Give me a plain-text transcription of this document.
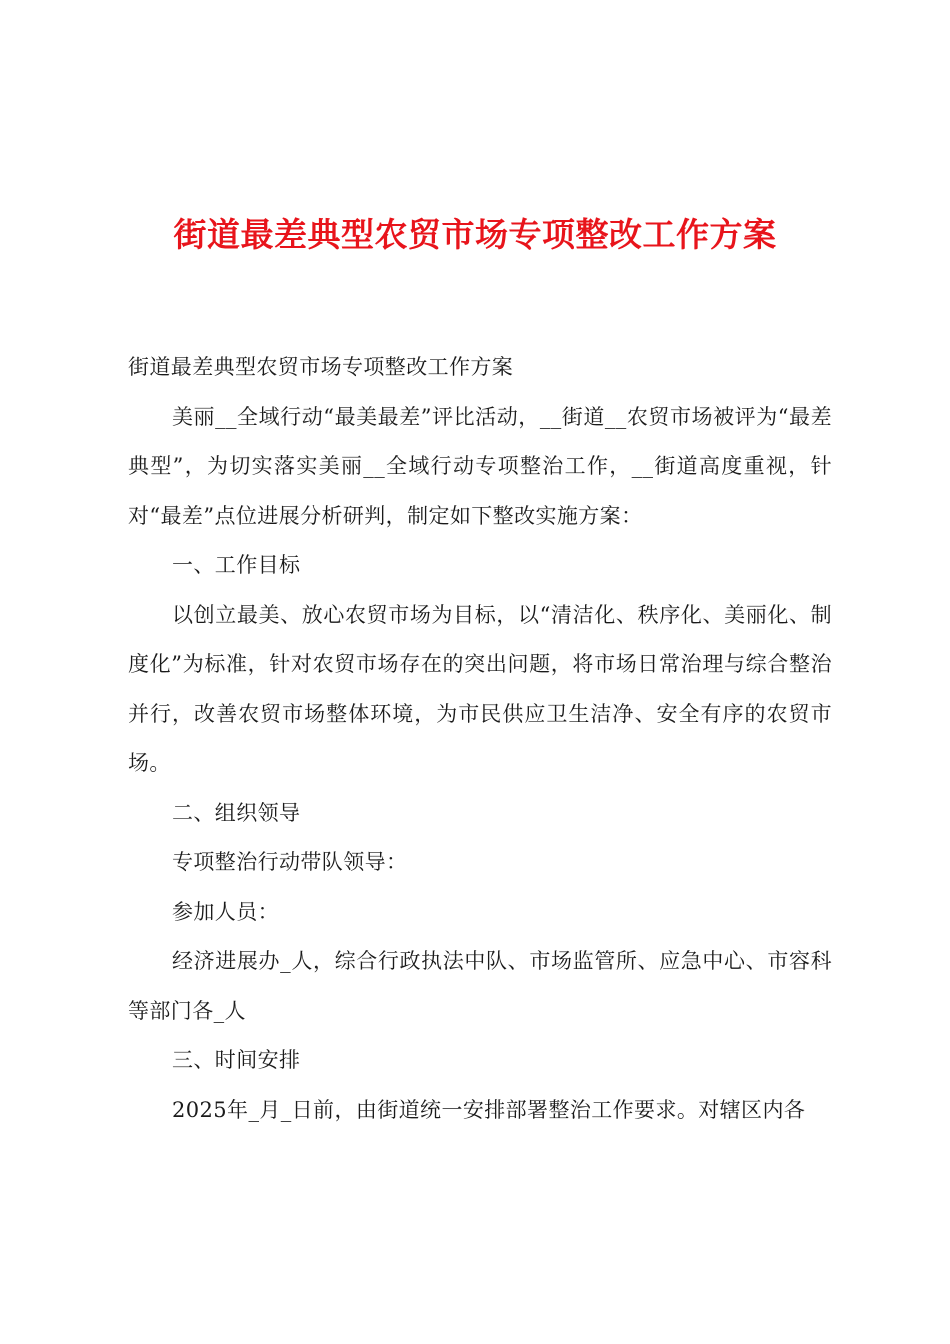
街道最差典型农贸市场专项整改工作方案

街道最差典型农贸市场专项整改工作方案

美丽__全域行动“最美最差”评比活动，__街道__农贸市场被评为“最差典型”，为切实落实美丽__全域行动专项整治工作，__街道高度重视，针对“最差”点位进展分析研判，制定如下整改实施方案：

一、工作目标

以创立最美、放心农贸市场为目标，以“清洁化、秩序化、美丽化、制度化”为标准，针对农贸市场存在的突出问题，将市场日常治理与综合整治并行，改善农贸市场整体环境，为市民供应卫生洁净、安全有序的农贸市场。

二、组织领导

专项整治行动带队领导：

参加人员：

经济进展办_人，综合行政执法中队、市场监管所、应急中心、市容科等部门各_人

三、时间安排

2025年_月_日前，由街道统一安排部署整治工作要求。对辖区内各
